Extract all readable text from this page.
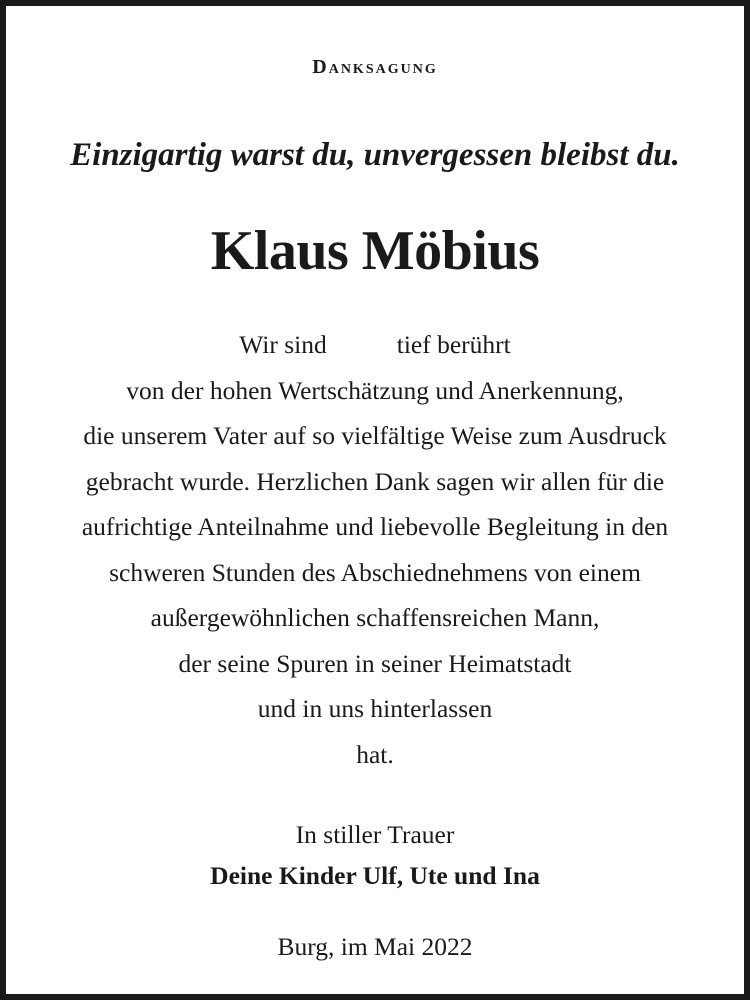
Danksagung
Einzigartig warst du, unvergessen bleibst du.
Klaus Möbius
Wir sind	tief berührt
von der hohen Wertschätzung und Anerkennung,
die unserem Vater auf so vielfältige Weise zum Ausdruck
gebracht wurde. Herzlichen Dank sagen wir allen für die
aufrichtige Anteilnahme und liebevolle Begleitung in den
schweren Stunden des Abschiednehmens von einem
außergewöhnlichen schaffensreichen Mann,
der seine Spuren in seiner Heimatstadt
und in uns hinterlassen
hat.
In stiller Trauer
Deine Kinder Ulf, Ute und Ina
Burg, im Mai 2022
